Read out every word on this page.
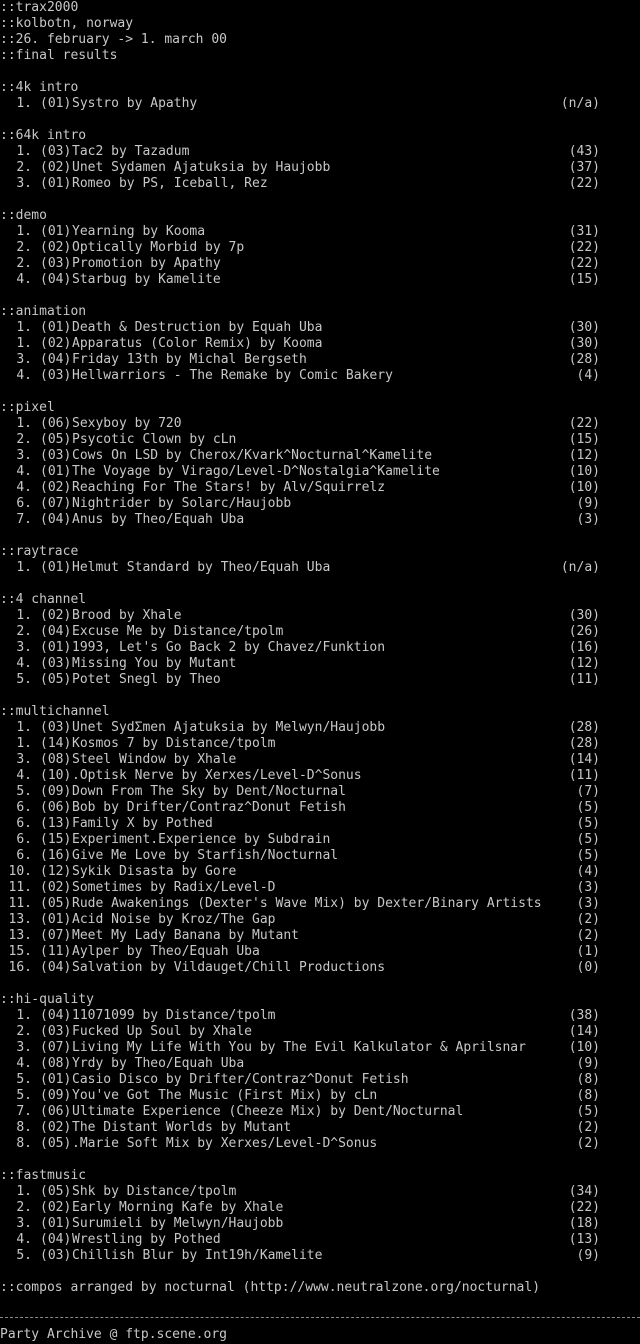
::trax2000
::kolbotn, norway
::26. february -> 1. march 00
::final results

::4k intro
1. (01) Systro by Apathy	(n/a)

::64k intro
1. (03) Tac2 by Tazadum	(43)
2. (02) Unet Sydamen Ajatuksia by Haujobb	(37)
3. (01) Romeo by PS, Iceball, Rez	(22)

::demo
1. (01) Yearning by Kooma	(31)
2. (02) Optically Morbid by 7p	(22)
2. (03) Promotion by Apathy	(22)
4. (04) Starbug by Kamelite	(15)

::animation
1. (01) Death & Destruction by Equah Uba	(30)
1. (02) Apparatus (Color Remix) by Kooma	(30)
3. (04) Friday 13th by Michal Bergseth	(28)
4. (03) Hellwarriors - The Remake by Comic Bakery	(4)

::pixel
1. (06) Sexyboy by 720	(22)
2. (05) Psycotic Clown by cLn	(15)
3. (03) Cows On LSD by Cherox/Kvark^Nocturnal^Kamelite	(12)
4. (01) The Voyage by Virago/Level-D^Nostalgia^Kamelite	(10)
4. (02) Reaching For The Stars! by Alv/Squirrelz	(10)
6. (07) Nightrider by Solarc/Haujobb	(9)
7. (04) Anus by Theo/Equah Uba	(3)

::raytrace
1. (01) Helmut Standard by Theo/Equah Uba	(n/a)

::4 channel
1. (02) Brood by Xhale	(30)
2. (04) Excuse Me by Distance/tpolm	(26)
3. (01) 1993, Let's Go Back 2 by Chavez/Funktion	(16)
4. (03) Missing You by Mutant	(12)
5. (05) Potet Snegl by Theo	(11)

::multichannel
1. (03) Unet SydΣmen Ajatuksia by Melwyn/Haujobb	(28)
1. (14) Kosmos 7 by Distance/tpolm	(28)
3. (08) Steel Window by Xhale	(14)
4. (10) .Optisk Nerve by Xerxes/Level-D^Sonus	(11)
5. (09) Down From The Sky by Dent/Nocturnal	(7)
6. (06) Bob by Drifter/Contraz^Donut Fetish	(5)
6. (13) Family X by Pothed	(5)
6. (15) Experiment.Experience by Subdrain	(5)
6. (16) Give Me Love by Starfish/Nocturnal	(5)
10. (12) Sykik Disasta by Gore	(4)
11. (02) Sometimes by Radix/Level-D	(3)
11. (05) Rude Awakenings (Dexter's Wave Mix) by Dexter/Binary Artists	(3)
13. (01) Acid Noise by Kroz/The Gap	(2)
13. (07) Meet My Lady Banana by Mutant	(2)
15. (11) Aylper by Theo/Equah Uba	(1)
16. (04) Salvation by Vildauget/Chill Productions	(0)

::hi-quality
1. (04) 11071099 by Distance/tpolm	(38)
2. (03) Fucked Up Soul by Xhale	(14)
3. (07) Living My Life With You by The Evil Kalkulator & Aprilsnar	(10)
4. (08) Yrdy by Theo/Equah Uba	(9)
5. (01) Casio Disco by Drifter/Contraz^Donut Fetish	(8)
5. (09) You've Got The Music (First Mix) by cLn	(8)
7. (06) Ultimate Experience (Cheeze Mix) by Dent/Nocturnal	(5)
8. (02) The Distant Worlds by Mutant	(2)
8. (05) .Marie Soft Mix by Xerxes/Level-D^Sonus	(2)

::fastmusic
1. (05) Shk by Distance/tpolm	(34)
2. (02) Early Morning Kafe by Xhale	(22)
3. (01) Surumieli by Melwyn/Haujobb	(18)
4. (04) Wrestling by Pothed	(13)
5. (03) Chillish Blur by Int19h/Kamelite	(9)

::compos arranged by nocturnal (http://www.neutralzone.org/nocturnal)
Party Archive @ ftp.scene.org
